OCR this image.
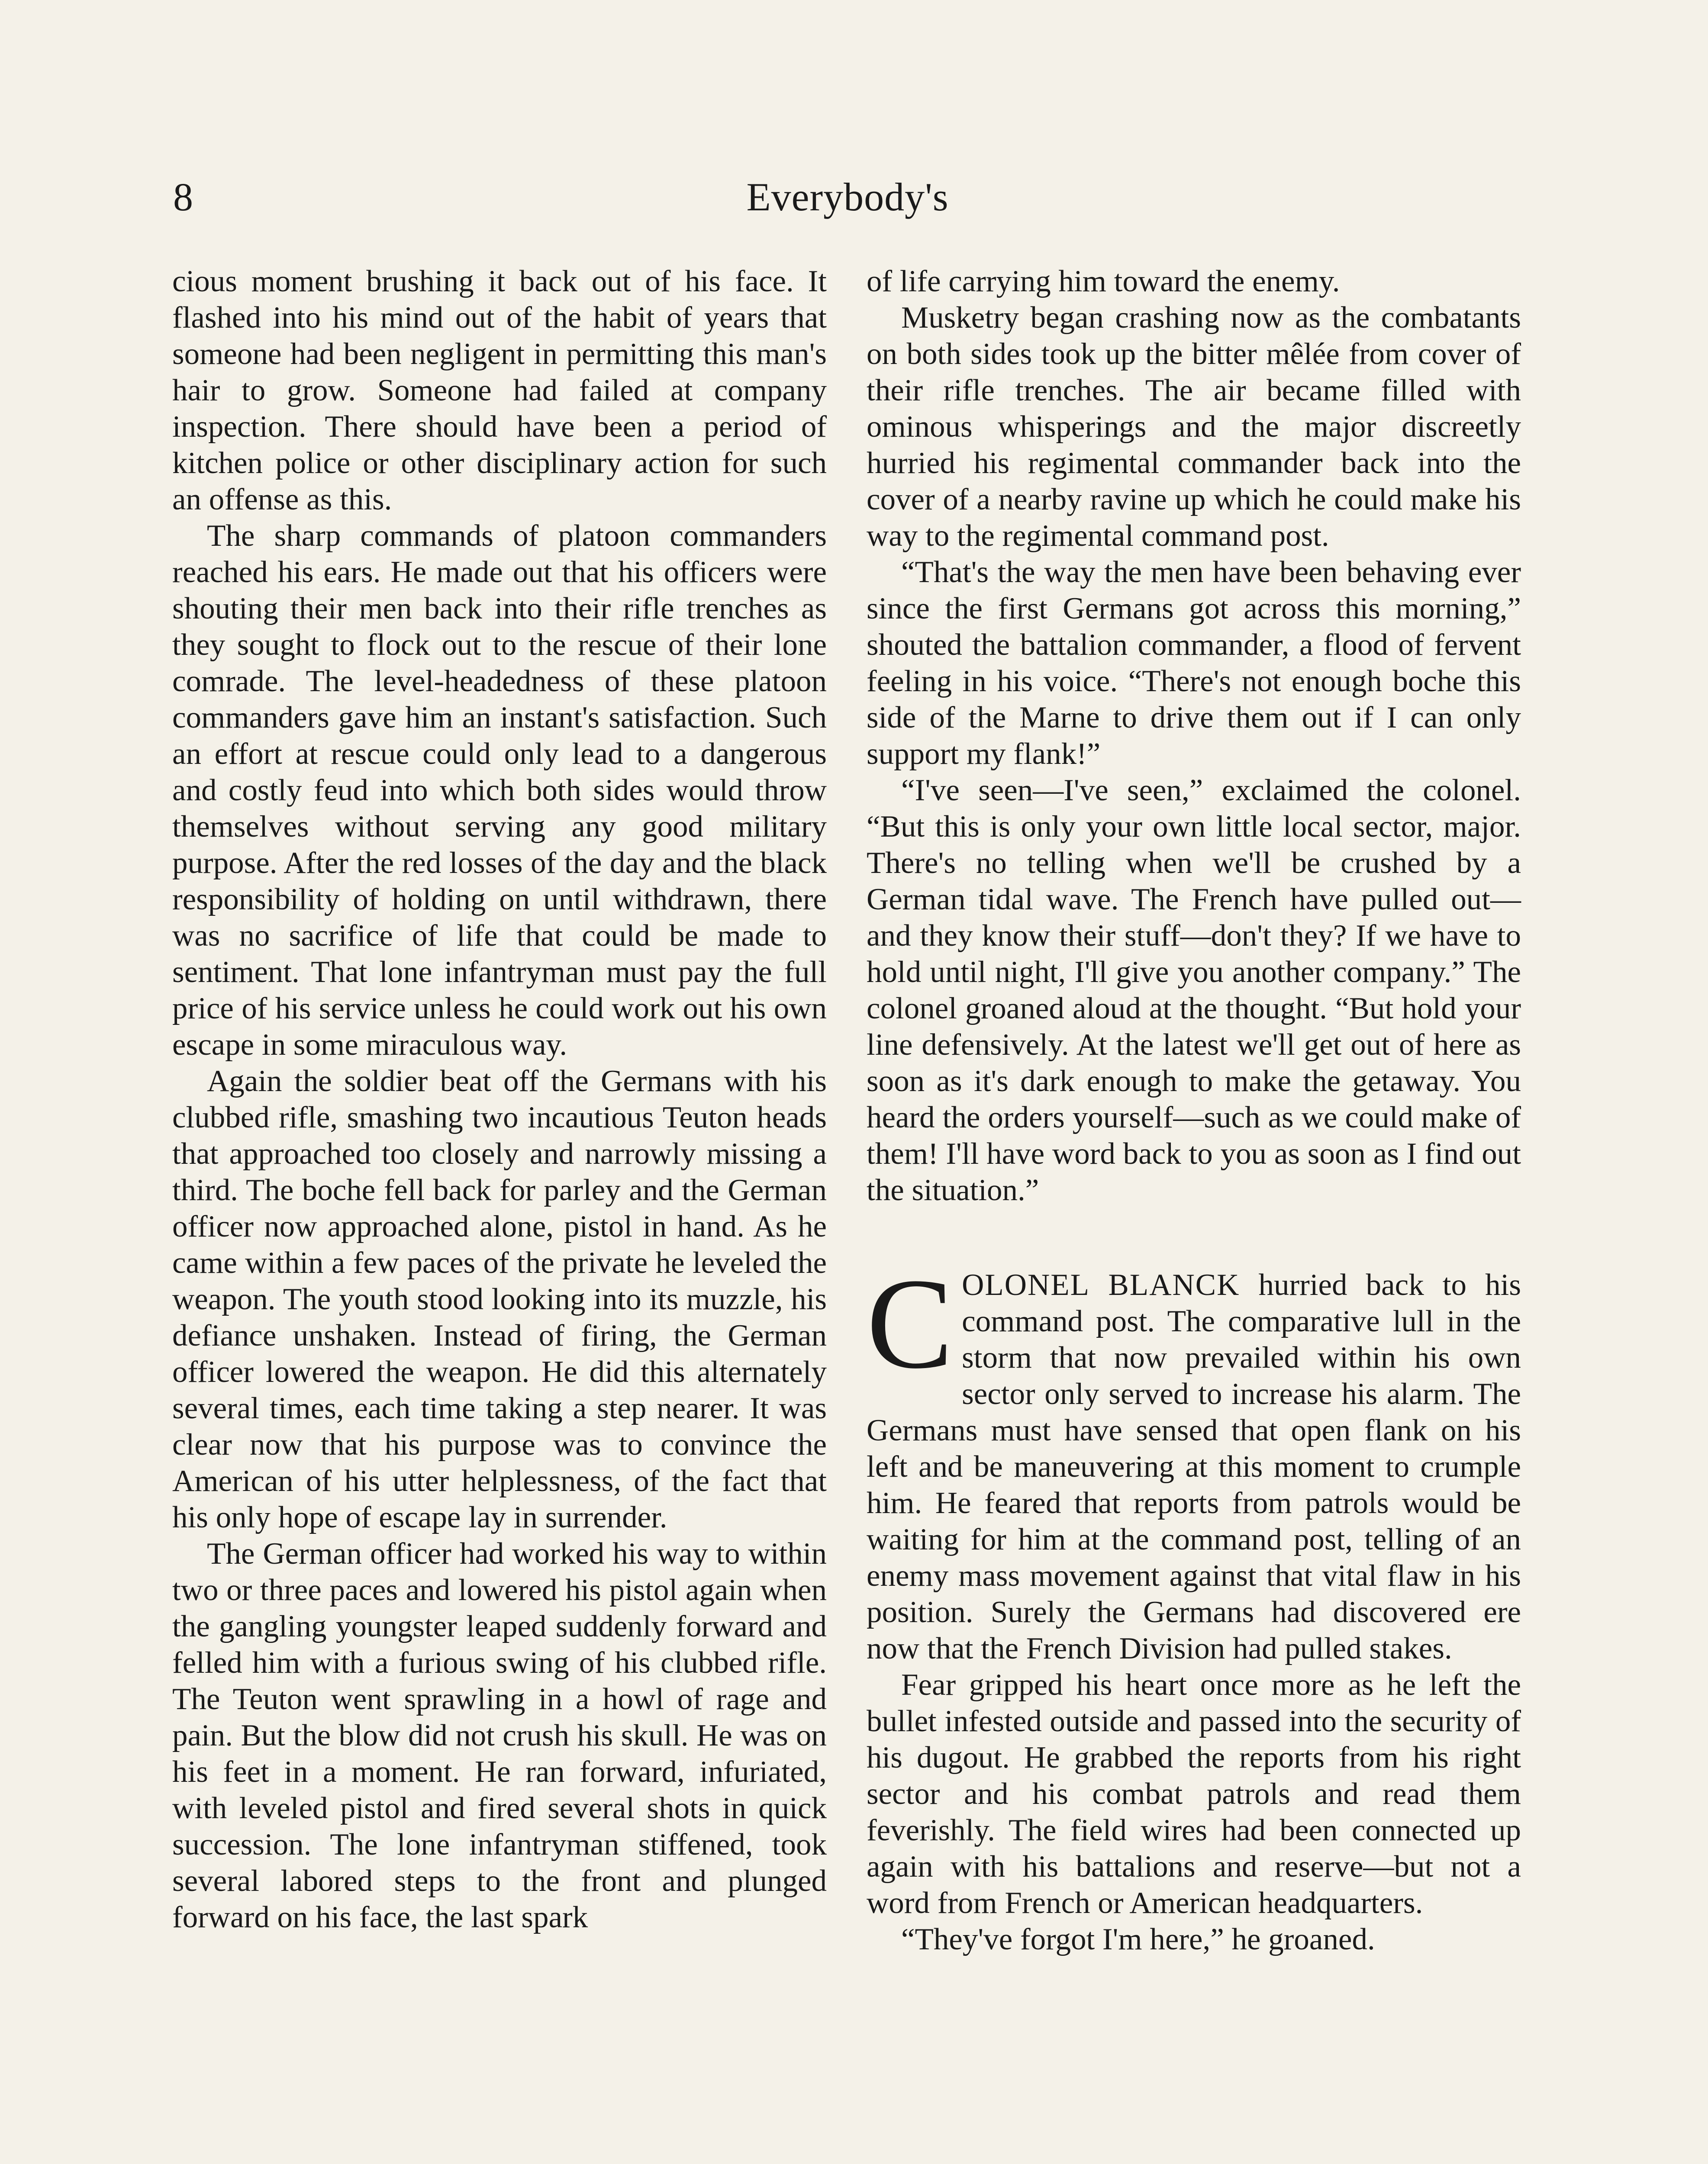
8	Everybody's

cious moment brushing it back out of his face. It flashed into his mind out of the habit of years that someone had been negligent in permitting this man's hair to grow. Someone had failed at company inspection. There should have been a period of kitchen police or other disciplinary action for such an offense as this.

The sharp commands of platoon commanders reached his ears. He made out that his officers were shouting their men back into their rifle trenches as they sought to flock out to the rescue of their lone comrade. The level-headedness of these platoon commanders gave him an instant's satisfaction. Such an effort at rescue could only lead to a dangerous and costly feud into which both sides would throw themselves without serving any good military purpose. After the red losses of the day and the black responsibility of holding on until withdrawn, there was no sacrifice of life that could be made to sentiment. That lone infantryman must pay the full price of his service unless he could work out his own escape in some miraculous way.

Again the soldier beat off the Germans with his clubbed rifle, smashing two incautious Teuton heads that approached too closely and narrowly missing a third. The boche fell back for parley and the German officer now approached alone, pistol in hand. As he came within a few paces of the private he leveled the weapon. The youth stood looking into its muzzle, his defiance unshaken. Instead of firing, the German officer lowered the weapon. He did this alternately several times, each time taking a step nearer. It was clear now that his purpose was to convince the American of his utter helplessness, of the fact that his only hope of escape lay in surrender.

The German officer had worked his way to within two or three paces and lowered his pistol again when the gangling youngster leaped suddenly forward and felled him with a furious swing of his clubbed rifle. The Teuton went sprawling in a howl of rage and pain. But the blow did not crush his skull. He was on his feet in a moment. He ran forward, infuriated, with leveled pistol and fired several shots in quick succession. The lone infantryman stiffened, took several labored steps to the front and plunged forward on his face, the last spark

of life carrying him toward the enemy.

Musketry began crashing now as the combatants on both sides took up the bitter mêlée from cover of their rifle trenches. The air became filled with ominous whisperings and the major discreetly hurried his regimental commander back into the cover of a nearby ravine up which he could make his way to the regimental command post.

“That's the way the men have been behaving ever since the first Germans got across this morning,” shouted the battalion commander, a flood of fervent feeling in his voice. “There's not enough boche this side of the Marne to drive them out if I can only support my flank!”

“I've seen—I've seen,” exclaimed the colonel. “But this is only your own little local sector, major. There's no telling when we'll be crushed by a German tidal wave. The French have pulled out—and they know their stuff—don't they? If we have to hold until night, I'll give you another company.” The colonel groaned aloud at the thought. “But hold your line defensively. At the latest we'll get out of here as soon as it's dark enough to make the getaway. You heard the orders yourself—such as we could make of them! I'll have word back to you as soon as I find out the situation.”

COLONEL BLANCK hurried back to his command post. The comparative lull in the storm that now prevailed within his own sector only served to increase his alarm. The Germans must have sensed that open flank on his left and be maneuvering at this moment to crumple him. He feared that reports from patrols would be waiting for him at the command post, telling of an enemy mass movement against that vital flaw in his position. Surely the Germans had discovered ere now that the French Division had pulled stakes.

Fear gripped his heart once more as he left the bullet infested outside and passed into the security of his dugout. He grabbed the reports from his right sector and his combat patrols and read them feverishly. The field wires had been connected up again with his battalions and reserve—but not a word from French or American headquarters.

“They've forgot I'm here,” he groaned.
